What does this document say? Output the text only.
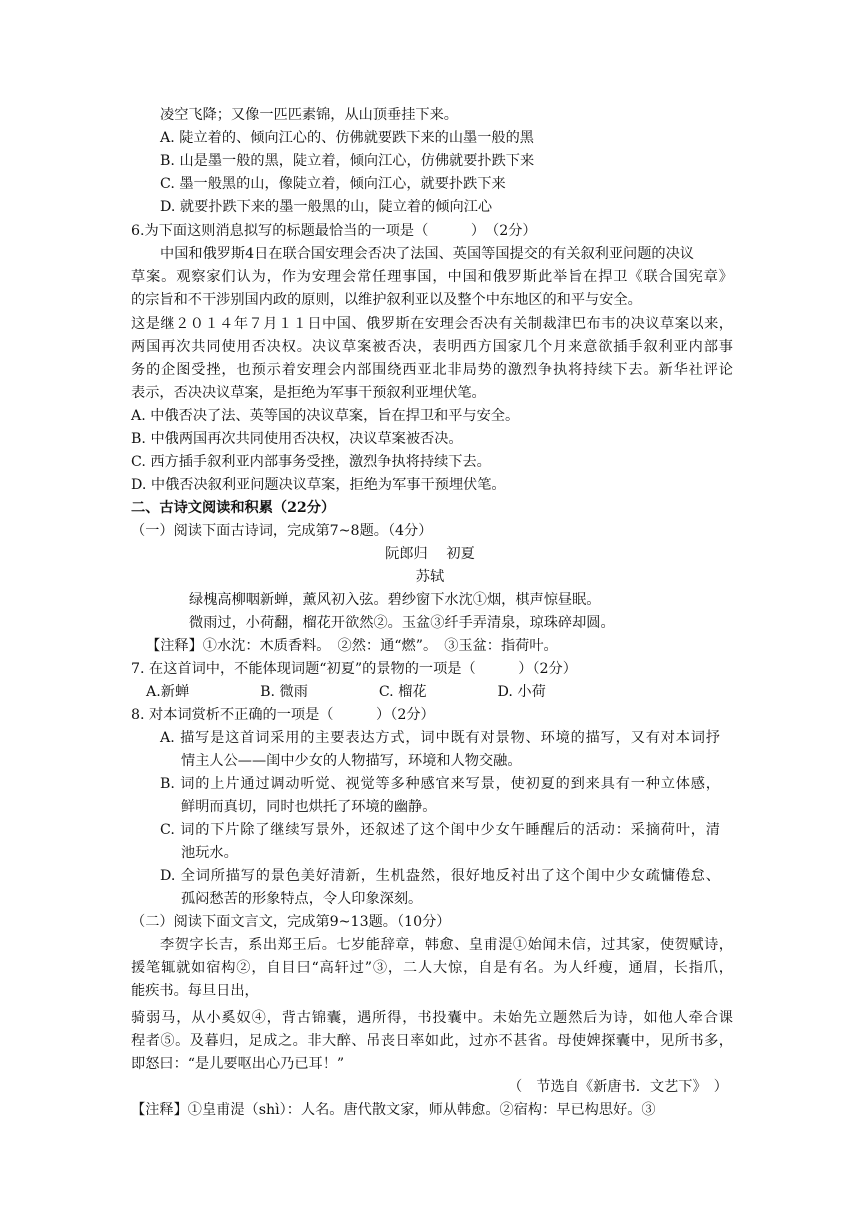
凌空飞降；又像一匹匹素锦，从山顶垂挂下来。
A. 陡立着的、倾向江心的、仿佛就要跌下来的山墨一般的黑
B. 山是墨一般的黑，陡立着，倾向江心，仿佛就要扑跌下来
C. 墨一般黑的山，像陡立着，倾向江心，就要扑跌下来
D. 就要扑跌下来的墨一般黑的山，陡立着的倾向江心
6.为下面这则消息拟写的标题最恰当的一项是（　　　）　（2分）
中国和俄罗斯4日在联合国安理会否决了法国、英国等国提交的有关叙利亚问题的决议
草案。观察家们认为，作为安理会常任理事国，中国和俄罗斯此举旨在捍卫《联合国宪章》
的宗旨和不干涉别国内政的原则，以维护叙利亚以及整个中东地区的和平与安全。
这是继２０１４年７月１１日中国、俄罗斯在安理会否决有关制裁津巴布韦的决议草案以来，
两国再次共同使用否决权。决议草案被否决，表明西方国家几个月来意欲插手叙利亚内部事
务的企图受挫，也预示着安理会内部围绕西亚北非局势的激烈争执将持续下去。新华社评论
表示，否决决议草案，是拒绝为军事干预叙利亚埋伏笔。
A. 中俄否决了法、英等国的决议草案，旨在捍卫和平与安全。
B. 中俄两国再次共同使用否决权，决议草案被否决。
C. 西方插手叙利亚内部事务受挫，激烈争执将持续下去。
D. 中俄否决叙利亚问题决议草案，拒绝为军事干预埋伏笔。
二、古诗文阅读和积累（22分）
（一）阅读下面古诗词，完成第7~8题。（4分）
阮郎归　 初夏
苏轼
绿槐高柳咽新蝉，薰风初入弦。碧纱窗下水沈①烟，棋声惊昼眠。
微雨过，小荷翻，榴花开欲然②。玉盆③纤手弄清泉，琼珠碎却圆。
【注释】①水沈：木质香料。　②然：通“燃”。　③玉盆：指荷叶。
7. 在这首词中，不能体现词题“初夏”的景物的一项是（　　　）（2分）
A.新蝉　　　　　B. 微雨　　　　　C. 榴花　　　　　D. 小荷
8. 对本词赏析不正确的一项是（　　　）（2分）
A. 描写是这首词采用的主要表达方式，词中既有对景物、环境的描写，又有对本词抒
情主人公——闺中少女的人物描写，环境和人物交融。
B. 词的上片通过调动听觉、视觉等多种感官来写景，使初夏的到来具有一种立体感，
鲜明而真切，同时也烘托了环境的幽静。
C. 词的下片除了继续写景外，还叙述了这个闺中少女午睡醒后的活动：采摘荷叶，清
池玩水。
D. 全词所描写的景色美好清新，生机盎然，很好地反衬出了这个闺中少女疏慵倦怠、
孤闷愁苦的形象特点，令人印象深刻。
（二）阅读下面文言文，完成第9~13题。（10分）
李贺字长吉，系出郑王后。七岁能辞章，韩愈、皇甫湜①始闻未信，过其家，使贺赋诗，
援笔辄就如宿构②，自目曰“高轩过”③，二人大惊，自是有名。为人纤瘦，通眉，长指爪，
能疾书。每旦日出，
骑弱马，从小奚奴④，背古锦囊，遇所得，书投囊中。未始先立题然后为诗，如他人牵合课
程者⑤。及暮归，足成之。非大醉、吊丧日率如此，过亦不甚省。母使婢探囊中，见所书多，
即怒曰：“是儿要呕出心乃已耳！”
（　节选自《新唐书．文艺下》　）
【注释】①皇甫湜（shì）：人名。唐代散文家，师从韩愈。②宿构：早已构思好。③
